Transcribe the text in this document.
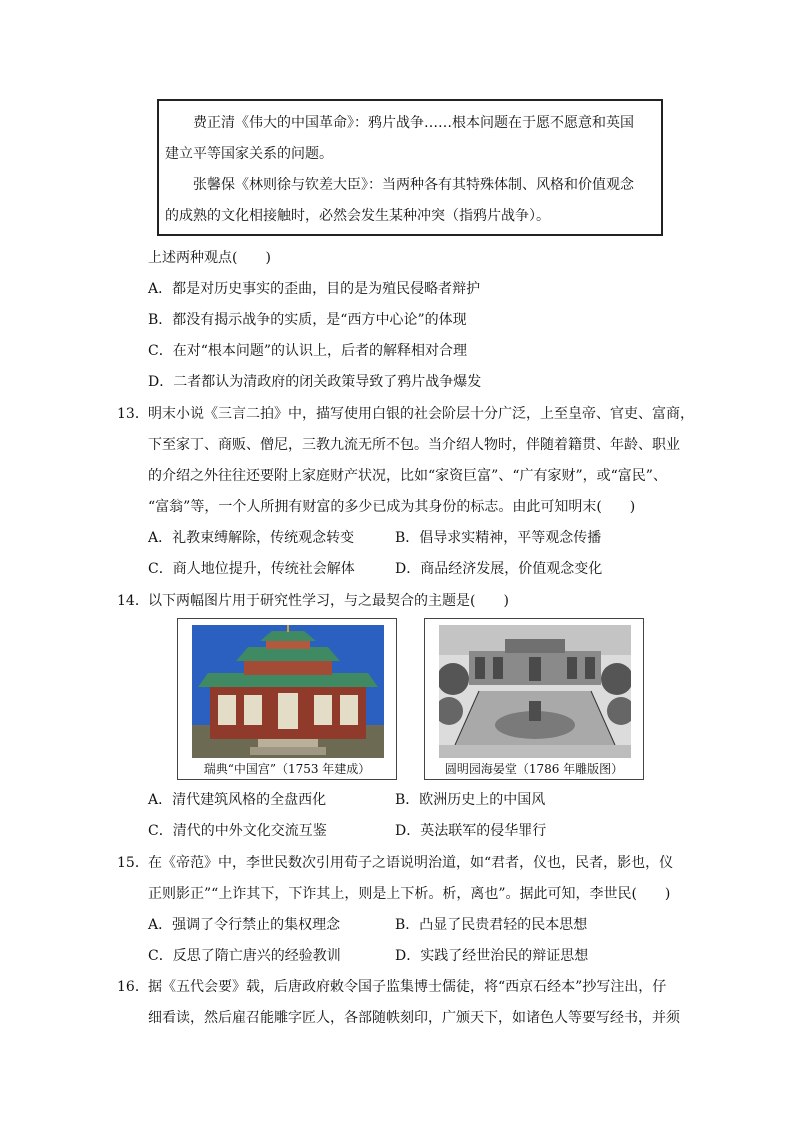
费正清《伟大的中国革命》：鸦片战争……根本问题在于愿不愿意和英国
建立平等国家关系的问题。
张馨保《林则徐与钦差大臣》：当两种各有其特殊体制、风格和价值观念
的成熟的文化相接触时，必然会发生某种冲突（指鸦片战争）。
上述两种观点(　　)
A．都是对历史事实的歪曲，目的是为殖民侵略者辩护
B．都没有揭示战争的实质，是“西方中心论”的体现
C．在对“根本问题”的认识上，后者的解释相对合理
D．二者都认为清政府的闭关政策导致了鸦片战争爆发
13． 明末小说《三言二拍》中，描写使用白银的社会阶层十分广泛，上至皇帝、官吏、富商，
下至家丁、商贩、僧尼，三教九流无所不包。当介绍人物时，伴随着籍贯、年龄、职业
的介绍之外往往还要附上家庭财产状况，比如“家资巨富”、“广有家财”，或“富民”、
“富翁”等，一个人所拥有财富的多少已成为其身份的标志。由此可知明末(　　)
A．礼教束缚解除，传统观念转变	B．倡导求实精神，平等观念传播
C．商人地位提升，传统社会解体	D．商品经济发展，价值观念变化
14． 以下两幅图片用于研究性学习，与之最契合的主题是(　　)
瑞典“中国宫”（1753 年建成）	圆明园海晏堂（1786 年雕版图）
A．清代建筑风格的全盘西化	B．欧洲历史上的中国风
C．清代的中外文化交流互鉴	D．英法联军的侵华罪行
15． 在《帝范》中，李世民数次引用荀子之语说明治道，如“君者，仪也，民者，影也，仪
正则影正”“上诈其下，下诈其上，则是上下析。析，离也”。据此可知，李世民(　　)
A．强调了令行禁止的集权理念	B．凸显了民贵君轻的民本思想
C．反思了隋亡唐兴的经验教训	D．实践了经世治民的辩证思想
16． 据《五代会要》载，后唐政府敕令国子监集博士儒徒，将“西京石经本”抄写注出，仔
细看读，然后雇召能雕字匠人，各部随帙刻印，广颁天下，如诸色人等要写经书，并须
